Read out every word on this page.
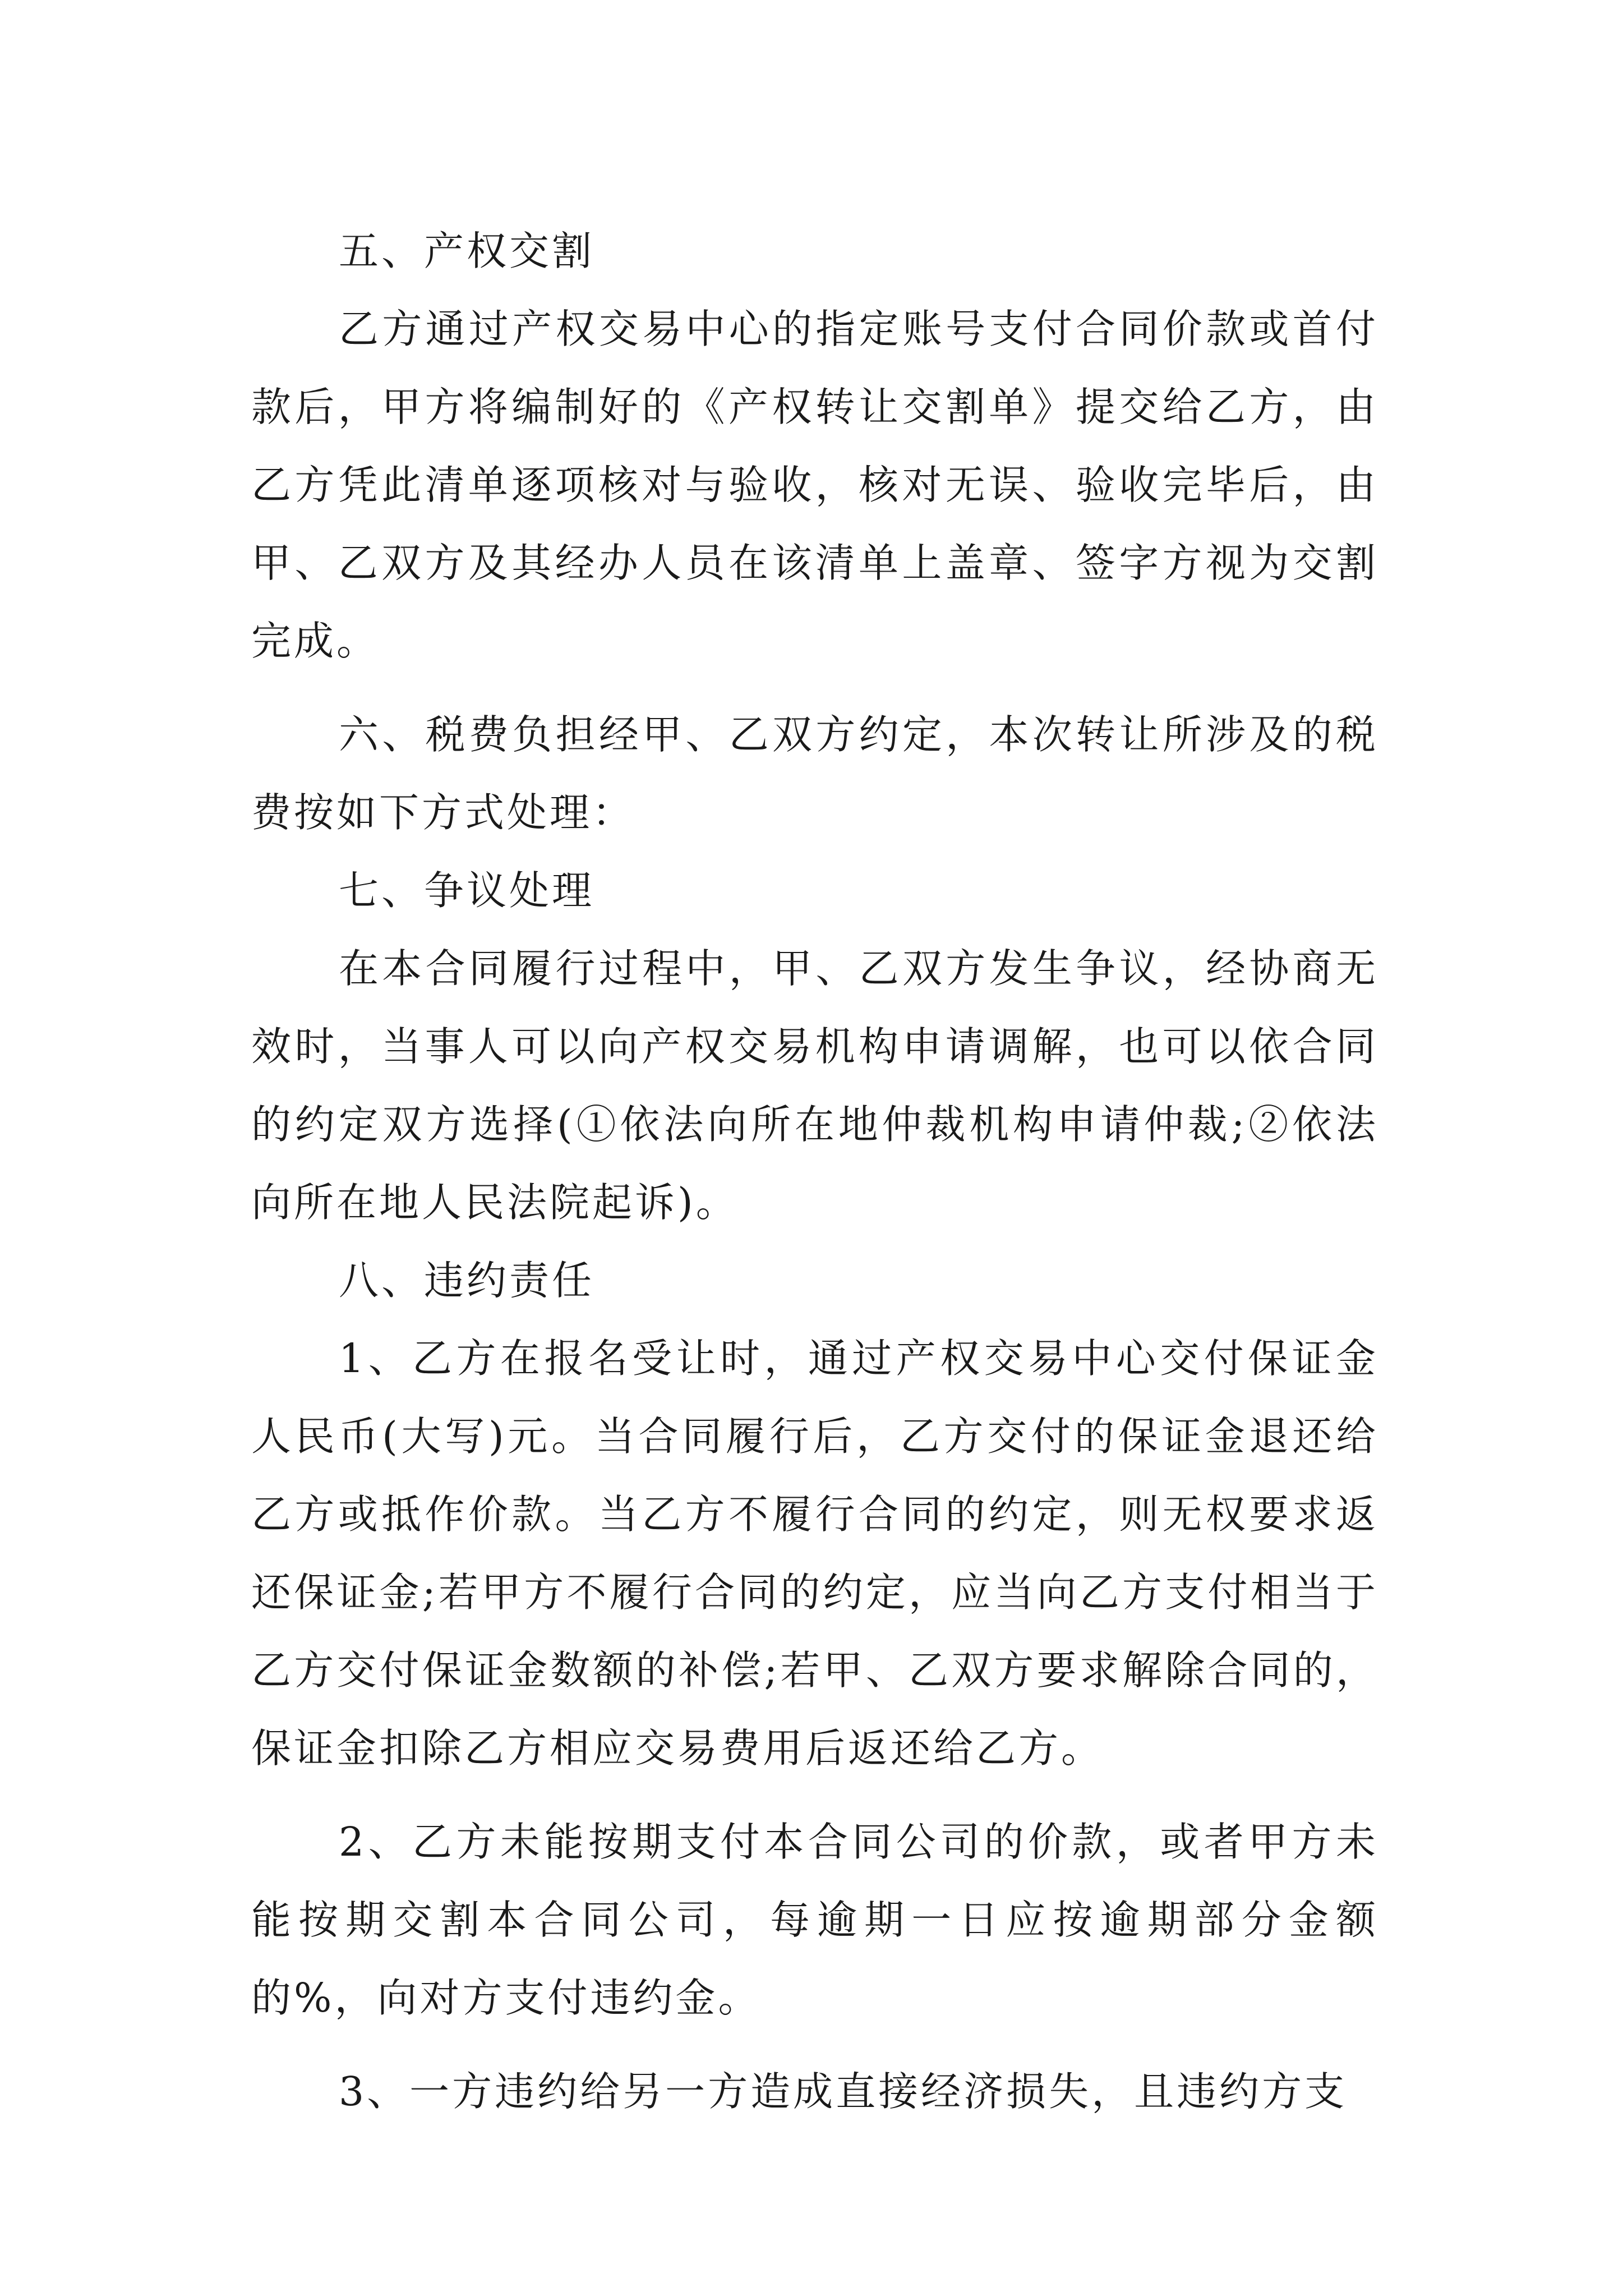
五、产权交割

乙方通过产权交易中心的指定账号支付合同价款或首付款后，甲方将编制好的《产权转让交割单》提交给乙方，由乙方凭此清单逐项核对与验收，核对无误、验收完毕后，由甲、乙双方及其经办人员在该清单上盖章、签字方视为交割完成。

六、税费负担经甲、乙双方约定，本次转让所涉及的税费按如下方式处理：

七、争议处理

在本合同履行过程中，甲、乙双方发生争议，经协商无效时，当事人可以向产权交易机构申请调解，也可以依合同的约定双方选择(①依法向所在地仲裁机构申请仲裁;②依法向所在地人民法院起诉)。

八、违约责任

1、乙方在报名受让时，通过产权交易中心交付保证金人民币(大写)元。当合同履行后，乙方交付的保证金退还给乙方或抵作价款。当乙方不履行合同的约定，则无权要求返还保证金;若甲方不履行合同的约定，应当向乙方支付相当于乙方交付保证金数额的补偿;若甲、乙双方要求解除合同的，保证金扣除乙方相应交易费用后返还给乙方。

2、乙方未能按期支付本合同公司的价款，或者甲方未能按期交割本合同公司，每逾期一日应按逾期部分金额的%，向对方支付违约金。

3、一方违约给另一方造成直接经济损失，且违约方支
